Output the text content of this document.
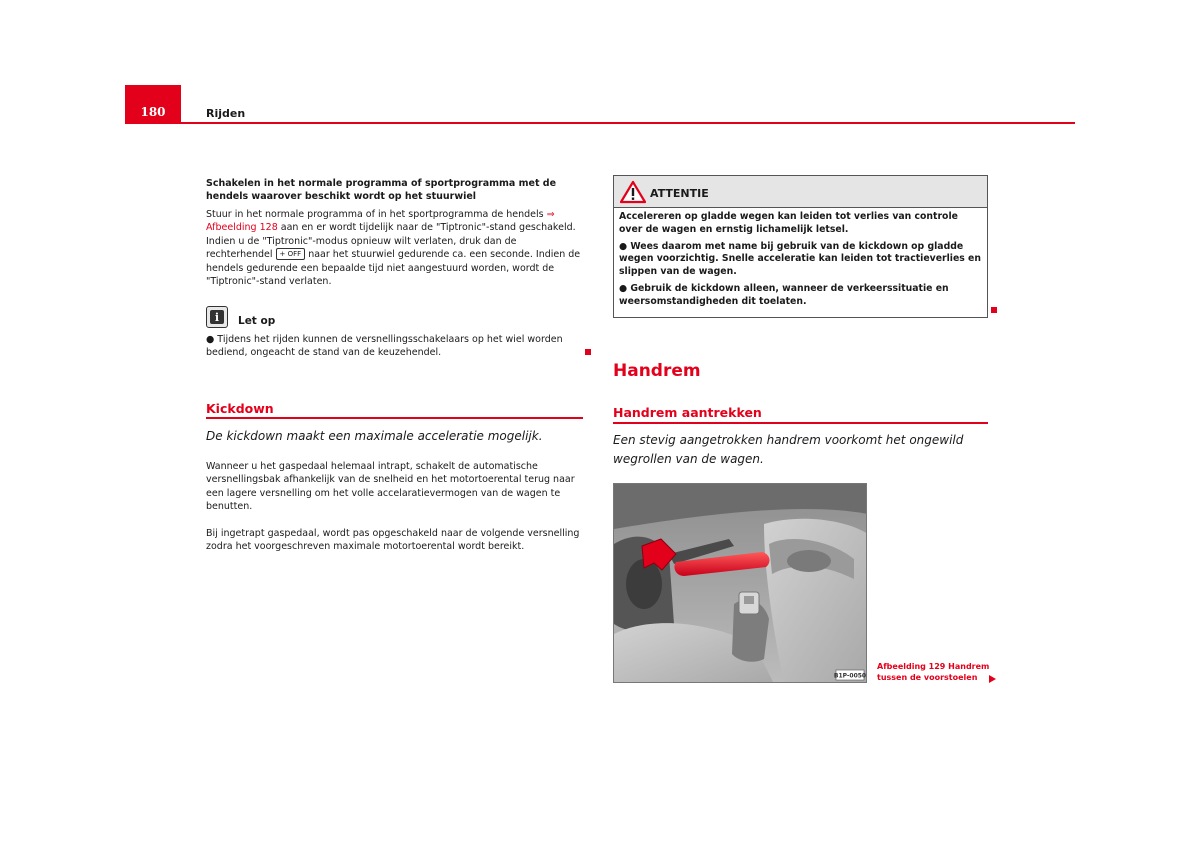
180	Rijden
Schakelen in het normale programma of sportprogramma met de hendels waarover beschikt wordt op het stuurwiel
Stuur in het normale programma of in het sportprogramma de hendels ⇒ Afbeelding 128 aan en er wordt tijdelijk naar de "Tiptronic"-stand geschakeld. Indien u de "Tiptronic"-modus opnieuw wilt verlaten, druk dan de rechterhendel + OFF naar het stuurwiel gedurende ca. een seconde. Indien de hendels gedurende een bepaalde tijd niet aangestuurd worden, wordt de "Tiptronic"-stand verlaten.
i	Let op
● Tijdens het rijden kunnen de versnellingsschakelaars op het wiel worden bediend, ongeacht de stand van de keuzehendel.
Kickdown
De kickdown maakt een maximale acceleratie mogelijk.
Wanneer u het gaspedaal helemaal intrapt, schakelt de automatische versnellingsbak afhankelijk van de snelheid en het motortoerental terug naar een lagere versnelling om het volle accelaratievermogen van de wagen te benutten.
Bij ingetrapt gaspedaal, wordt pas opgeschakeld naar de volgende versnelling zodra het voorgeschreven maximale motortoerental wordt bereikt.
ATTENTIE

Accelereren op gladde wegen kan leiden tot verlies van controle over de wagen en ernstig lichamelijk letsel.

● Wees daarom met name bij gebruik van de kickdown op gladde wegen voorzichtig. Snelle acceleratie kan leiden tot tractieverlies en slippen van de wagen.

● Gebruik de kickdown alleen, wanneer de verkeerssituatie en weersomstandigheden dit toelaten.

Handrem
Handrem aantrekken
Een stevig aangetrokken handrem voorkomt het ongewild wegrollen van de wagen.
B1P-0050
Afbeelding 129 Handrem
tussen de voorstoelen
